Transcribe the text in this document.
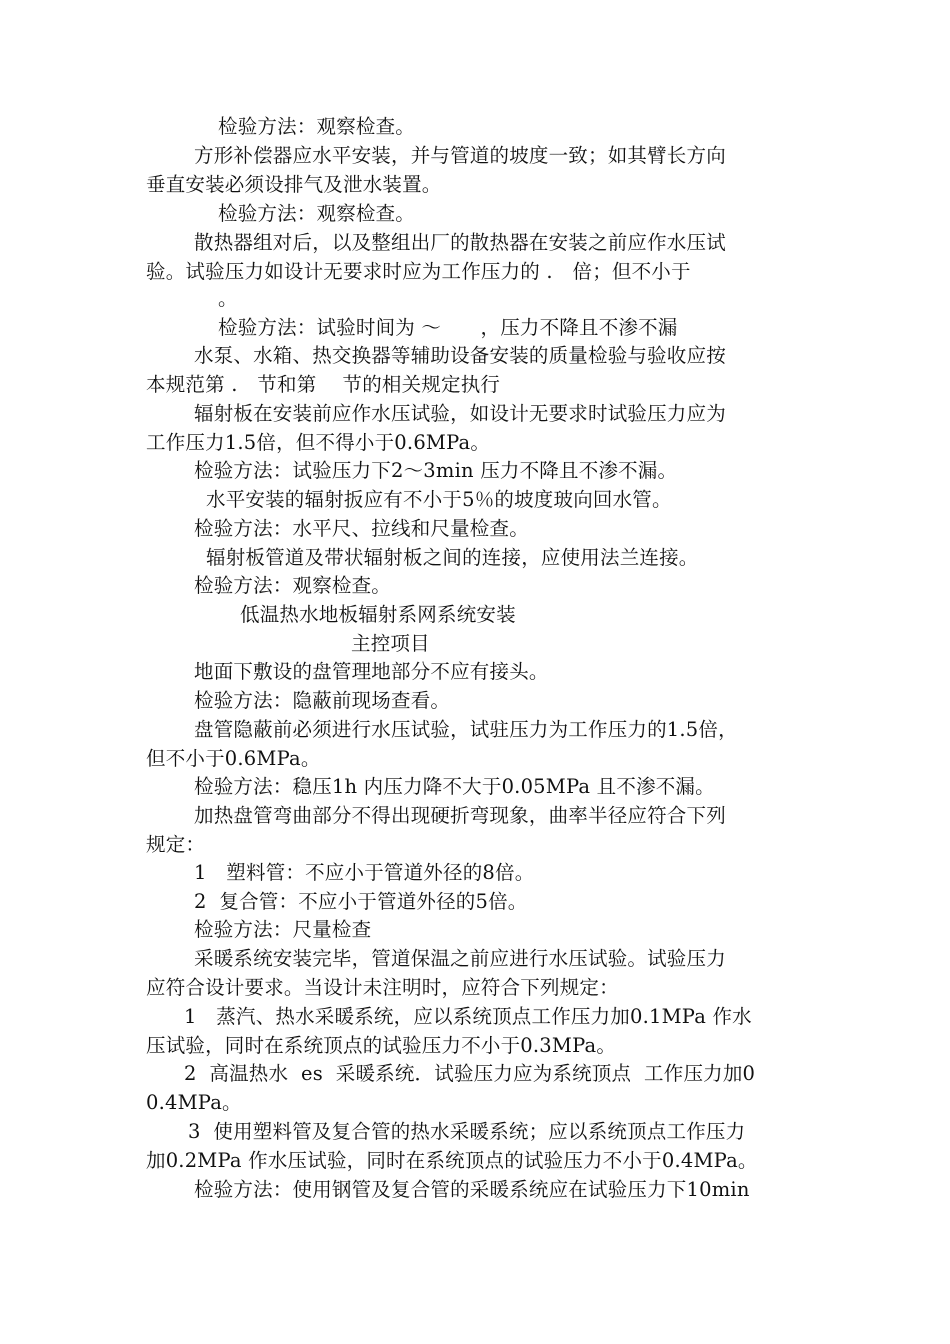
检验方法：观察检查。
方形补偿器应水平安装，并与管道的坡度一致；如其臂长方向
垂直安装必须设排气及泄水装置。
检验方法：观察检查。
散热器组对后，以及整组出厂的散热器在安装之前应作水压试
验。试验压力如设计无要求时应为工作压力的 .　倍；但不小于
。
检验方法：试验时间为 ～　　，压力不降且不渗不漏
水泵、水箱、热交换器等辅助设备安装的质量检验与验收应按
本规范第 .　节和第　 节的相关规定执行
辐射板在安装前应作水压试验，如设计无要求时试验压力应为
工作压力1.5倍，但不得小于0.6MPa。
检验方法：试验压力下2～3min 压力不降且不渗不漏。
水平安装的辐射扳应有不小于5％的坡度玻向回水管。
检验方法：水平尺、拉线和尺量检查。
辐射板管道及带状辐射板之间的连接，应使用法兰连接。
检验方法：观察检查。
低温热水地板辐射系网系统安装
主控项目
地面下敷设的盘管理地部分不应有接头。
检验方法：隐蔽前现场查看。
盘管隐蔽前必须进行水压试验，试驻压力为工作压力的1.5倍，
但不小于0.6MPa。
检验方法：稳压1h 内压力降不大于0.05MPa 且不渗不漏。
加热盘管弯曲部分不得出现硬折弯现象，曲率半径应符合下列
规定：
1　塑料管：不应小于管道外径的8倍。
2  复合管：不应小于管道外径的5倍。
检验方法：尺量检查
采暖系统安装完毕，管道保温之前应进行水压试验。试验压力
应符合设计要求。当设计未注明时，应符合下列规定：
1　蒸汽、热水采暖系统，应以系统顶点工作压力加0.1MPa 作水
压试验，同时在系统顶点的试验压力不小于0.3MPa。
2  高温热水  es  采暖系统．试验压力应为系统顶点  工作压力加0
0.4MPa。
3  使用塑料管及复合管的热水采暖系统；应以系统顶点工作压力
加0.2MPa 作水压试验，同时在系统顶点的试验压力不小于0.4MPa。
检验方法：使用钢管及复合管的采暖系统应在试验压力下10min
